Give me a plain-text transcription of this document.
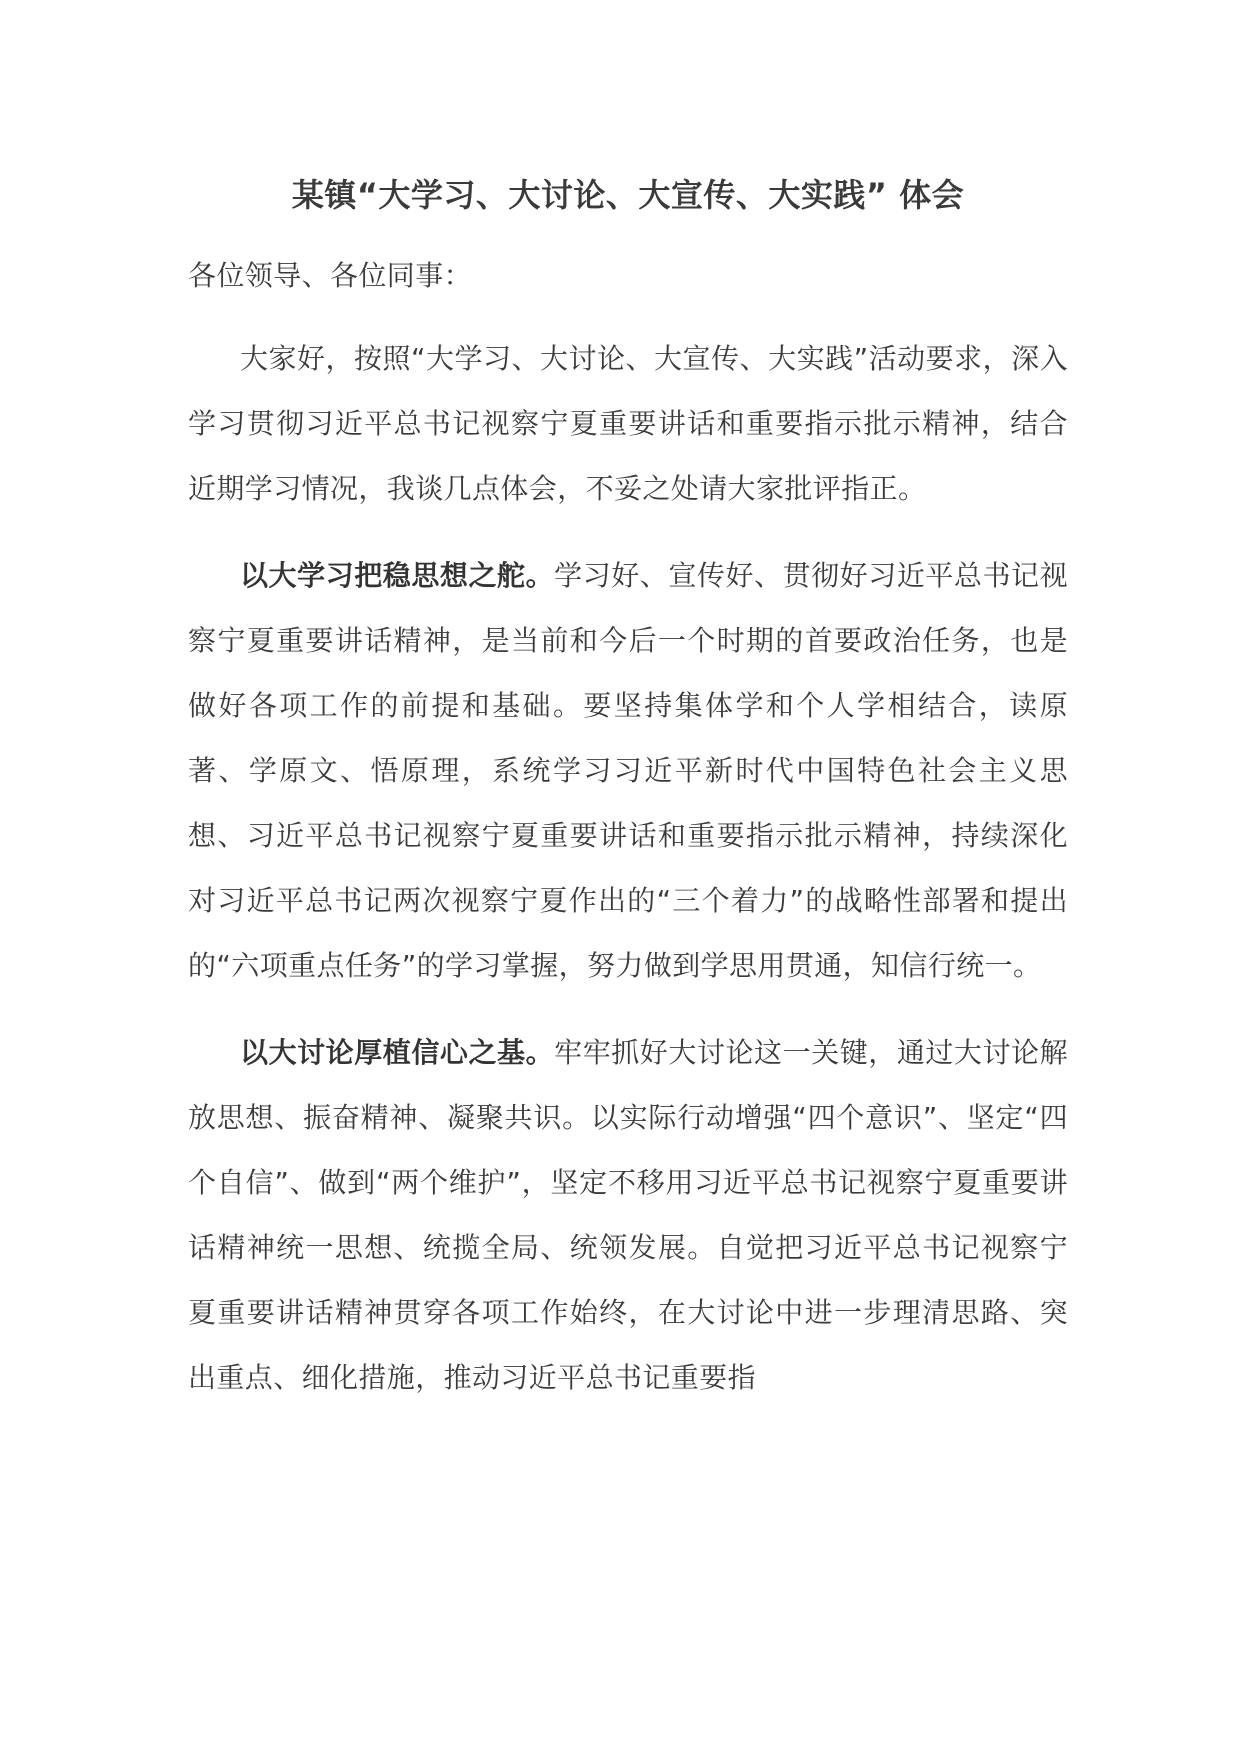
某镇“大学习、大讨论、大宣传、大实践” 体会

各位领导、各位同事：

大家好，按照“大学习、大讨论、大宣传、大实践”活动要求，深入学习贯彻习近平总书记视察宁夏重要讲话和重要指示批示精神，结合近期学习情况，我谈几点体会，不妥之处请大家批评指正。

以大学习把稳思想之舵。学习好、宣传好、贯彻好习近平总书记视察宁夏重要讲话精神，是当前和今后一个时期的首要政治任务，也是做好各项工作的前提和基础。要坚持集体学和个人学相结合，读原著、学原文、悟原理，系统学习习近平新时代中国特色社会主义思想、习近平总书记视察宁夏重要讲话和重要指示批示精神，持续深化对习近平总书记两次视察宁夏作出的“三个着力”的战略性部署和提出的“六项重点任务”的学习掌握，努力做到学思用贯通，知信行统一。

以大讨论厚植信心之基。牢牢抓好大讨论这一关键，通过大讨论解放思想、振奋精神、凝聚共识。以实际行动增强“四个意识”、坚定“四个自信”、做到“两个维护”，坚定不移用习近平总书记视察宁夏重要讲话精神统一思想、统揽全局、统领发展。自觉把习近平总书记视察宁夏重要讲话精神贯穿各项工作始终，在大讨论中进一步理清思路、突出重点、细化措施，推动习近平总书记重要指
